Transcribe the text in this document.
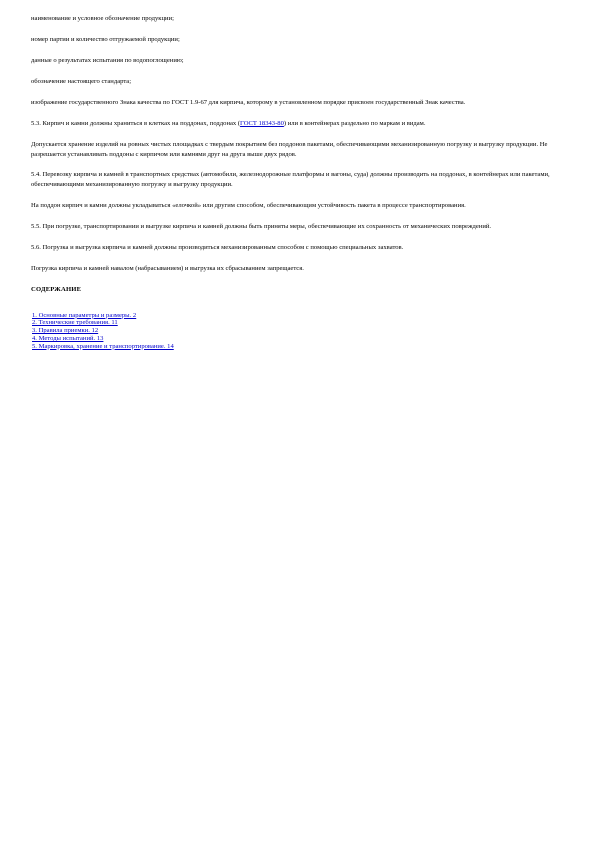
наименование и условное обозначение продукции;

номер партии и количество отгружаемой продукции;

данные о результатах испытания по водопоглощению;

обозначение настоящего стандарта;

изображение государственного Знака качества по ГОСТ 1.9-67 для кирпича, которому в установленном порядке присвоен государственный Знак качества.

5.3. Кирпич и камни должны храниться в клетках на поддонах, поддонах (ГОСТ 18343-80) или в контейнерах раздельно по маркам и видам.

Допускается хранение изделий на ровных чистых площадках с твердым покрытием без поддонов пакетами, обеспечивающими механизированную погрузку и выгрузку продукции. Не разрешается устанавливать поддоны с кирпичом или камнями друг на друга выше двух рядов.

5.4. Перевозку кирпича и камней в транспортных средствах (автомобили, железнодорожные платформы и вагоны, суда) должны производить на поддонах, в контейнерах или пакетами, обеспечивающими механизированную погрузку и выгрузку продукции.

На поддон кирпич и камни должны укладываться «елочкой» или другим способом, обеспечивающим устойчивость пакета в процессе транспортирования.

5.5. При погрузке, транспортировании и выгрузке кирпича и камней должны быть приняты меры, обеспечивающие их сохранность от механических повреждений.

5.6. Погрузка и выгрузка кирпича и камней должны производиться механизированным способом с помощью специальных захватов.

Погрузка кирпича и камней навалом (набрасыванием) и выгрузка их сбрасыванием запрещается.

СОДЕРЖАНИЕ

1. Основные параметры и размеры. 2
2. Технические требования. 11
3. Правила приемки. 12
4. Методы испытаний. 13
5. Маркировка, хранение и транспортирование. 14
